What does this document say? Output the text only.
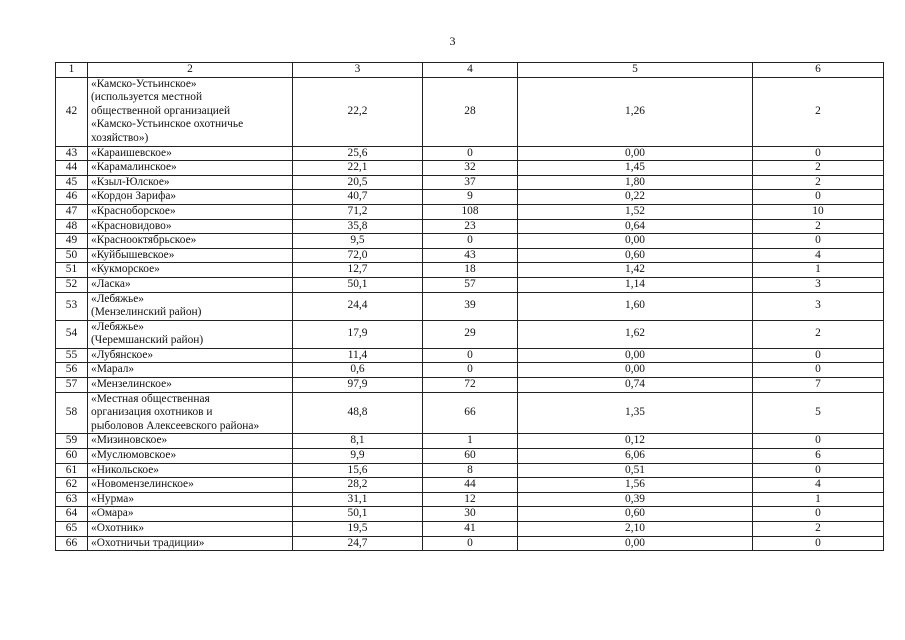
3
1	2	3	4	5	6

42	«Камско-Устьинское»
(используется местной
общественной организацией
«Камско-Устьинское охотничье
хозяйство»)	22,2	28	1,26	2

43	«Караишевское»	25,6	0	0,00	0

44	«Карамалинское»	22,1	32	1,45	2

45	«Кзыл-Юлское»	20,5	37	1,80	2

46	«Кордон Зарифа»	40,7	9	0,22	0

47	«Красноборское»	71,2	108	1,52	10

48	«Красновидово»	35,8	23	0,64	2

49	«Краснооктябрьское»	9,5	0	0,00	0

50	«Куйбышевское»	72,0	43	0,60	4

51	«Кукморское»	12,7	18	1,42	1

52	«Ласка»	50,1	57	1,14	3

53	«Лебяжье»
(Мензелинский район)	24,4	39	1,60	3

54	«Лебяжье»
(Черемшанский район)	17,9	29	1,62	2

55	«Лубянское»	11,4	0	0,00	0

56	«Марал»	0,6	0	0,00	0

57	«Мензелинское»	97,9	72	0,74	7

58	«Местная общественная
организация охотников и
рыболовов Алексеевского района»	48,8	66	1,35	5

59	«Мизиновское»	8,1	1	0,12	0

60	«Муслюмовское»	9,9	60	6,06	6

61	«Никольское»	15,6	8	0,51	0

62	«Новомензелинское»	28,2	44	1,56	4

63	«Нурма»	31,1	12	0,39	1

64	«Омара»	50,1	30	0,60	0

65	«Охотник»	19,5	41	2,10	2

66	«Охотничьи традиции»	24,7	0	0,00	0
